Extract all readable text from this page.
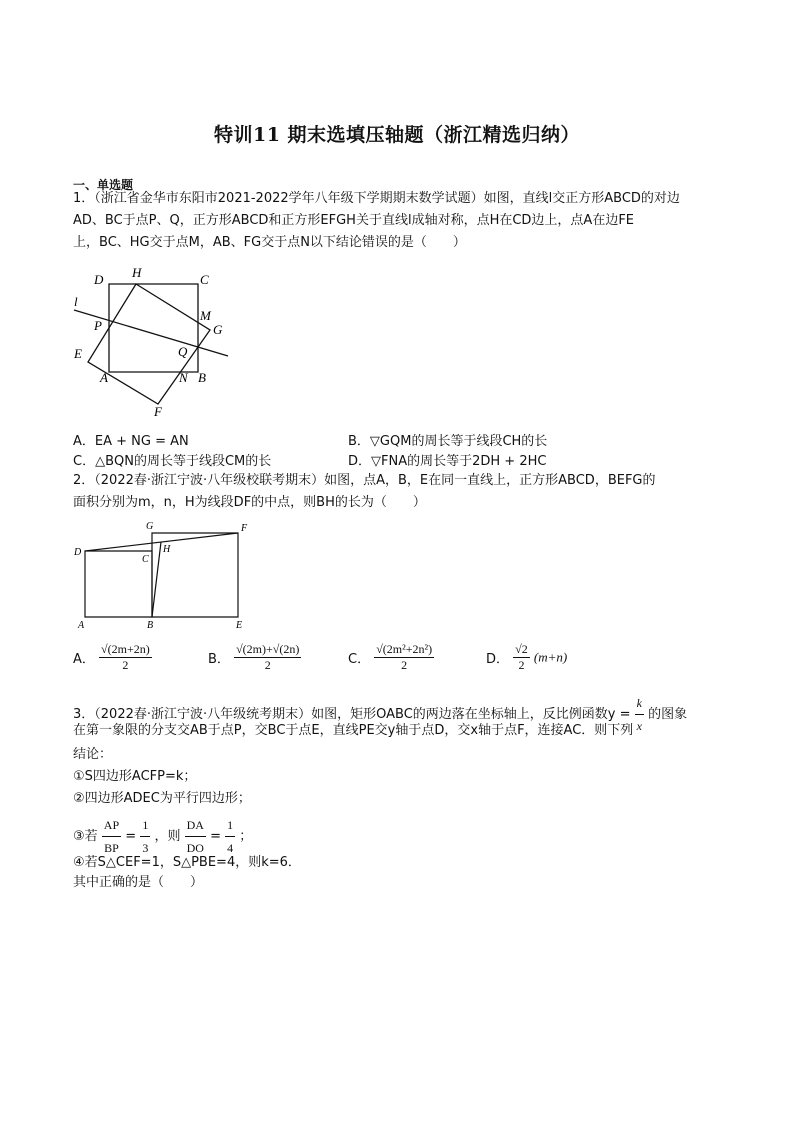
特训11 期末选填压轴题（浙江精选归纳）
一、单选题
1．（浙江省金华市东阳市2021-2022学年八年级下学期期末数学试题）如图，直线l交正方形ABCD的对边
AD、BC于点P、Q，正方形ABCD和正方形EFGH关于直线l成轴对称，点H在CD边上，点A在边FE
上，BC、HG交于点M，AB、FG交于点N以下结论错误的是（　　）
D H	C
l
M
G
P
E	Q
A	N B
F
A．EA + NG = AN	B．▽GQM的周长等于线段CH的长
C．△BQN的周长等于线段CM的长	D．▽FNA的周长等于2DH + 2HC
2．（2022春·浙江宁波·八年级校联考期末）如图，点A，B，E在同一直线上，正方形ABCD，BEFG的
面积分别为m，n，H为线段DF的中点，则BH的长为（　　）
G	F
D	H
C
A	B	E
A． $\frac{√(2m+2n)}{2}$	B． $\frac{√(2m)+√(2n)}{2}$	C． $\frac{\text{√(2m²+2n²)}}{2}$	D． $\frac{√2}{2} (m+n)$
3．（2022春·浙江宁波·八年级统考期末）如图，矩形OABC的两边落在坐标轴上，反比例函数$y = \frac{k}{x}$ 的图象
在第一象限的分支交AB于点P，交BC于点E，直线PE交y轴于点D，交x轴于点F，连接AC．则下列
结论：
①S四边形ACFP=k；
②四边形ADEC为平行四边形；
③若 $\frac{AP}{BP} = \frac{1}{3}$ ，则 $\frac{DA}{DO} = \frac{1}{4}$ ；
④若S△CEF=1，S△PBE=4，则k=6．
其中正确的是（　　）
